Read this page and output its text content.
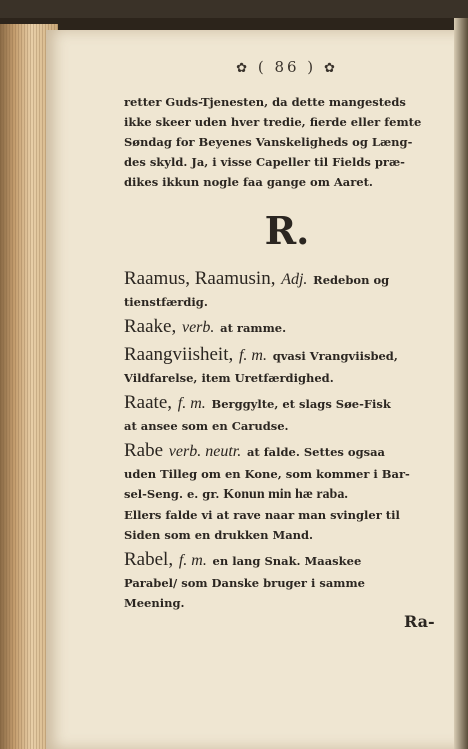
✿ ( 86 ) ✿
retter Guds-Tjenesten, da dette mangesteds
ikke skeer uden hver tredie, fierde eller femte
Søndag for Beyenes Vanskeligheds og Læng-
des skyld. Ja, i visse Capeller til Fields præ-
dikes ikkun nogle faa gange om Aaret.
R.
Raamus, Raamusin, Adj. Redebon og
tienstfærdig.
Raake, verb. at ramme.
Raangviisheit, f. m. qvasi Vrangviisbed,
Vildfarelse, item Uretfærdighed.
Raate, f. m. Berggylte, et slags Søe-Fisk
at ansee som en Carudse.
Rabe verb. neutr. at falde. Settes ogsaa
uden Tilleg om en Kone, som kommer i Bar-
sel-Seng. e. gr. Konun min hæ raba.
Ellers falde vi at rave naar man svingler til
Siden som en drukken Mand.
Rabel, f. m. en lang Snak. Maaskee
Parabel/ som Danske bruger i samme
Meening.
Ra-
